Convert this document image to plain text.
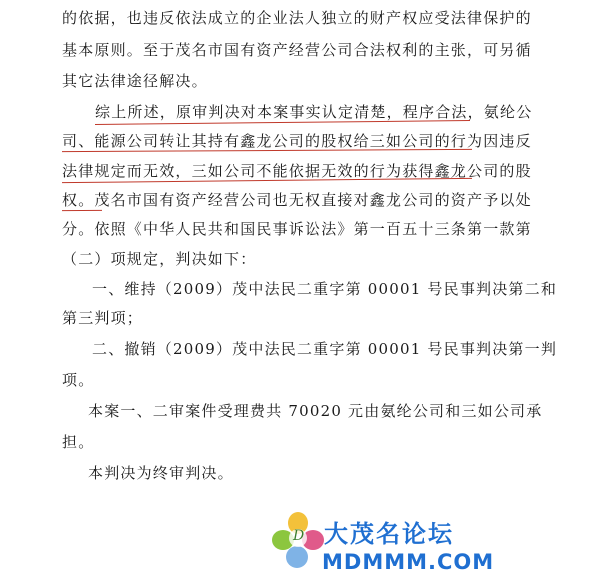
的依据，也违反依法成立的企业法人独立的财产权应受法律保护的
基本原则。至于茂名市国有资产经营公司合法权利的主张，可另循
其它法律途径解决。
综上所述，原审判决对本案事实认定清楚，程序合法，氨纶公
司、能源公司转让其持有鑫龙公司的股权给三如公司的行为因违反
法律规定而无效，三如公司不能依据无效的行为获得鑫龙公司的股
权。茂名市国有资产经营公司也无权直接对鑫龙公司的资产予以处
分。依照《中华人民共和国民事诉讼法》第一百五十三条第一款第
（二）项规定，判决如下：
一、维持（2009）茂中法民二重字第 00001 号民事判决第二和
第三判项；
二、撤销（2009）茂中法民二重字第 00001 号民事判决第一判
项。
本案一、二审案件受理费共 70020 元由氨纶公司和三如公司承
担。
本判决为终审判决。
D 大茂名论坛
MDMMM.COM
